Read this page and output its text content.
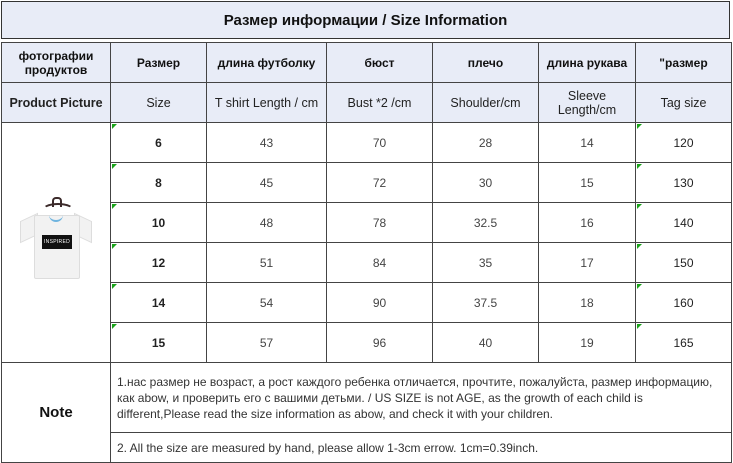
Размер информации / Size Information
фотографии продуктов	Размер	длина футболку	бюст	плечо	длина рукава	"размер
Product Picture	Size	T shirt Length / cm	Bust *2 /cm	Shoulder/cm	Sleeve Length/cm	Tag size

INSPIRED	6	43	70	28	14	120
	8	45	72	30	15	130
	10	48	78	32.5	16	140
	12	51	84	35	17	150
	14	54	90	37.5	18	160
	15	57	96	40	19	165
Note	1.нас размер не возраст, а рост каждого ребенка отличается, прочтите, пожалуйста, размер информацию, как abow, и проверить его с вашими детьми. / US SIZE is not AGE, as the growth of each child is different,Please read the size information as abow, and check it with your children.					
	2. All the size are measured by hand, please allow 1-3cm errow. 1cm=0.39inch.					
